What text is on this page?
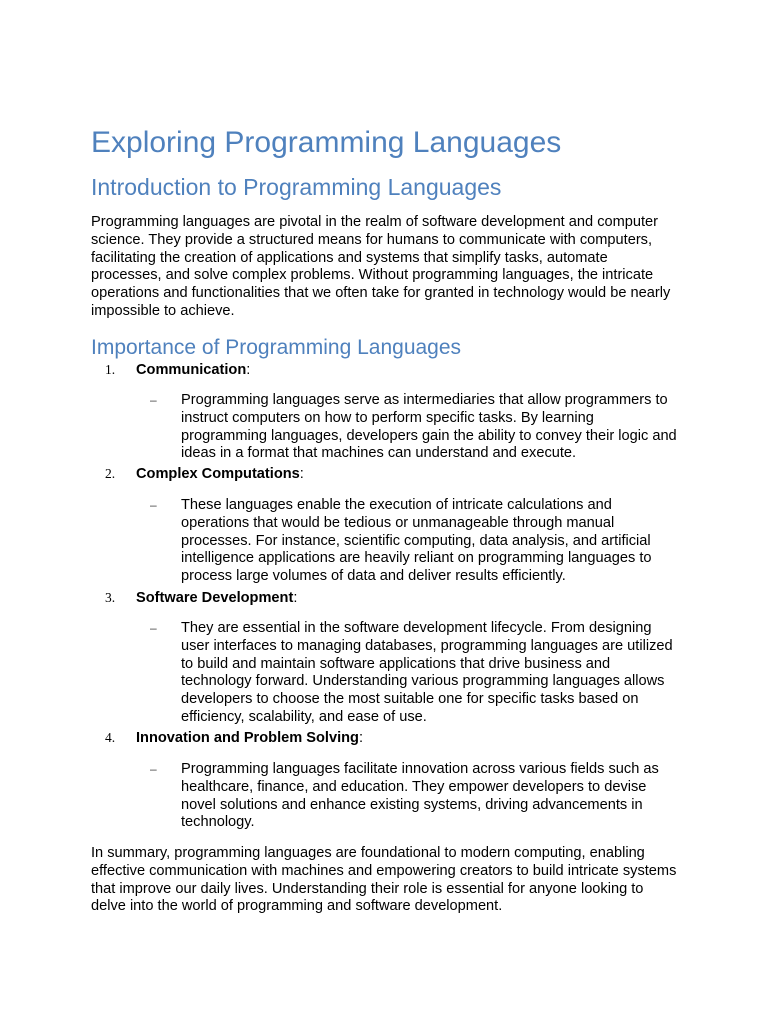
Exploring Programming Languages
Introduction to Programming Languages

Programming languages are pivotal in the realm of software development and computer science. They provide a structured means for humans to communicate with computers, facilitating the creation of applications and systems that simplify tasks, automate processes, and solve complex problems. Without programming languages, the intricate operations and functionalities that we often take for granted in technology would be nearly impossible to achieve.

Importance of Programming Languages
1. Communication:
– Programming languages serve as intermediaries that allow programmers to instruct computers on how to perform specific tasks. By learning programming languages, developers gain the ability to convey their logic and ideas in a format that machines can understand and execute.

2. Complex Computations:
– These languages enable the execution of intricate calculations and operations that would be tedious or unmanageable through manual processes. For instance, scientific computing, data analysis, and artificial intelligence applications are heavily reliant on programming languages to process large volumes of data and deliver results efficiently.

3. Software Development:
– They are essential in the software development lifecycle. From designing user interfaces to managing databases, programming languages are utilized to build and maintain software applications that drive business and technology forward. Understanding various programming languages allows developers to choose the most suitable one for specific tasks based on efficiency, scalability, and ease of use.

4. Innovation and Problem Solving:
– Programming languages facilitate innovation across various fields such as healthcare, finance, and education. They empower developers to devise novel solutions and enhance existing systems, driving advancements in technology.

In summary, programming languages are foundational to modern computing, enabling effective communication with machines and empowering creators to build intricate systems that improve our daily lives. Understanding their role is essential for anyone looking to delve into the world of programming and software development.
